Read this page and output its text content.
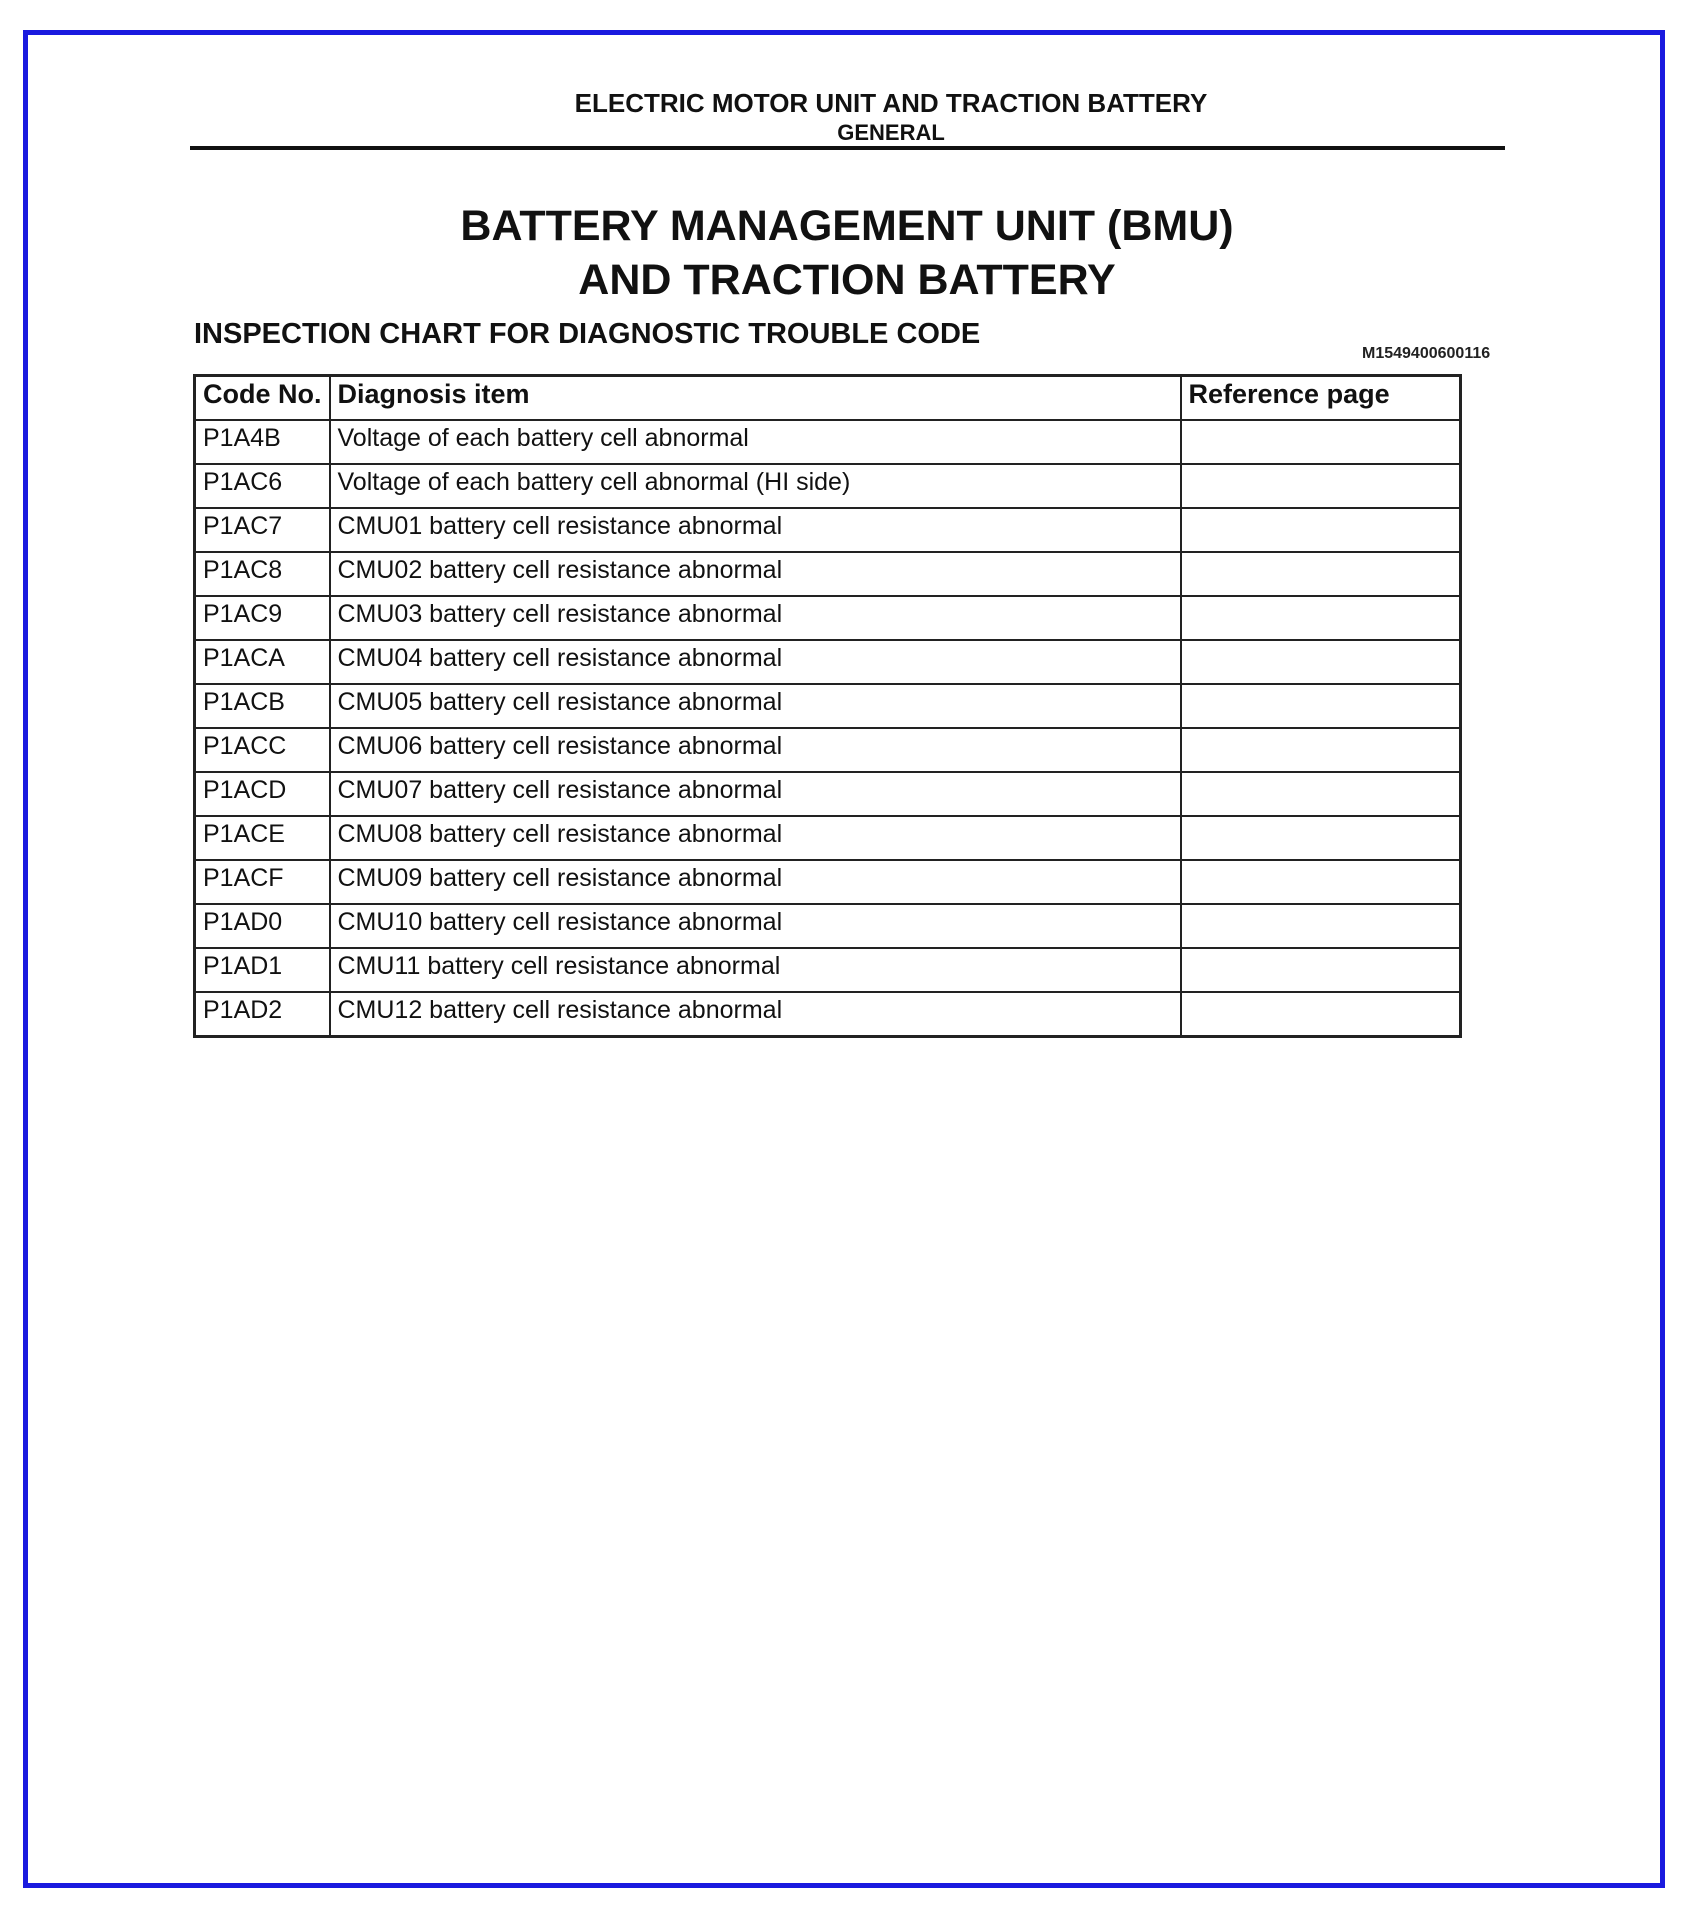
ELECTRIC MOTOR UNIT AND TRACTION BATTERY
GENERAL
BATTERY MANAGEMENT UNIT (BMU)
AND TRACTION BATTERY
INSPECTION CHART FOR DIAGNOSTIC TROUBLE CODE
M1549400600116
Code No.	Diagnosis item	Reference page
P1A4B	Voltage of each battery cell abnormal	
P1AC6	Voltage of each battery cell abnormal (HI side)	
P1AC7	CMU01 battery cell resistance abnormal	
P1AC8	CMU02 battery cell resistance abnormal	
P1AC9	CMU03 battery cell resistance abnormal	
P1ACA	CMU04 battery cell resistance abnormal	
P1ACB	CMU05 battery cell resistance abnormal	
P1ACC	CMU06 battery cell resistance abnormal	
P1ACD	CMU07 battery cell resistance abnormal	
P1ACE	CMU08 battery cell resistance abnormal	
P1ACF	CMU09 battery cell resistance abnormal	
P1AD0	CMU10 battery cell resistance abnormal	
P1AD1	CMU11 battery cell resistance abnormal	
P1AD2	CMU12 battery cell resistance abnormal	
